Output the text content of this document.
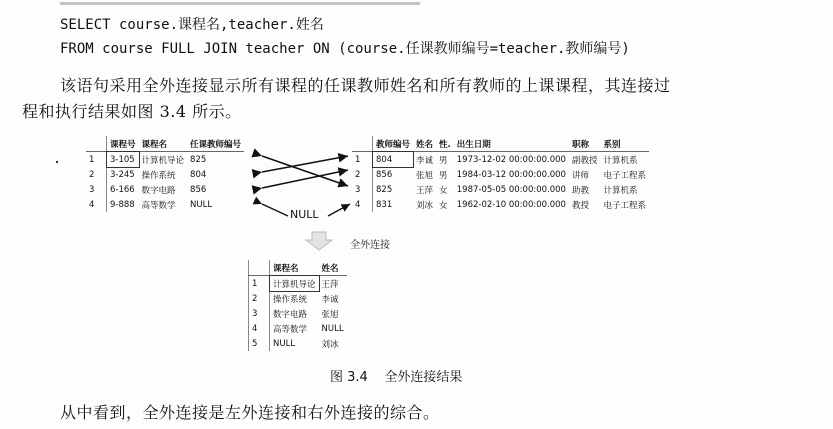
SELECT course.课程名,teacher.姓名
FROM course FULL JOIN teacher ON (course.任课教师编号=teacher.教师编号)
该语句采用全外连接显示所有课程的任课教师姓名和所有教师的上课课程，其连接过
程和执行结果如图 3.4 所示。
	课程号	课程名	任课教师编号
1	3-105	计算机导论	825
2	3-245	操作系统	804
3	6-166	数字电路	856
4	9-888	高等数学	NULL
NULL
全外连接
	教师编号	姓名	性.	出生日期	职称	系别
1	804	李诚	男	1973-12-02 00:00:00.000	副教授	计算机系
2	856	张旭	男	1984-03-12 00:00:00.000	讲师	电子工程系
3	825	王萍	女	1987-05-05 00:00:00.000	助教	计算机系
4	831	刘冰	女	1962-02-10 00:00:00.000	教授	电子工程系
	课程名	姓名
1	计算机导论	王萍
2	操作系统	李诚
3	数字电路	张旭
4	高等数学	NULL
5	NULL	刘冰
图 3.4    全外连接结果
从中看到，全外连接是左外连接和右外连接的综合。
